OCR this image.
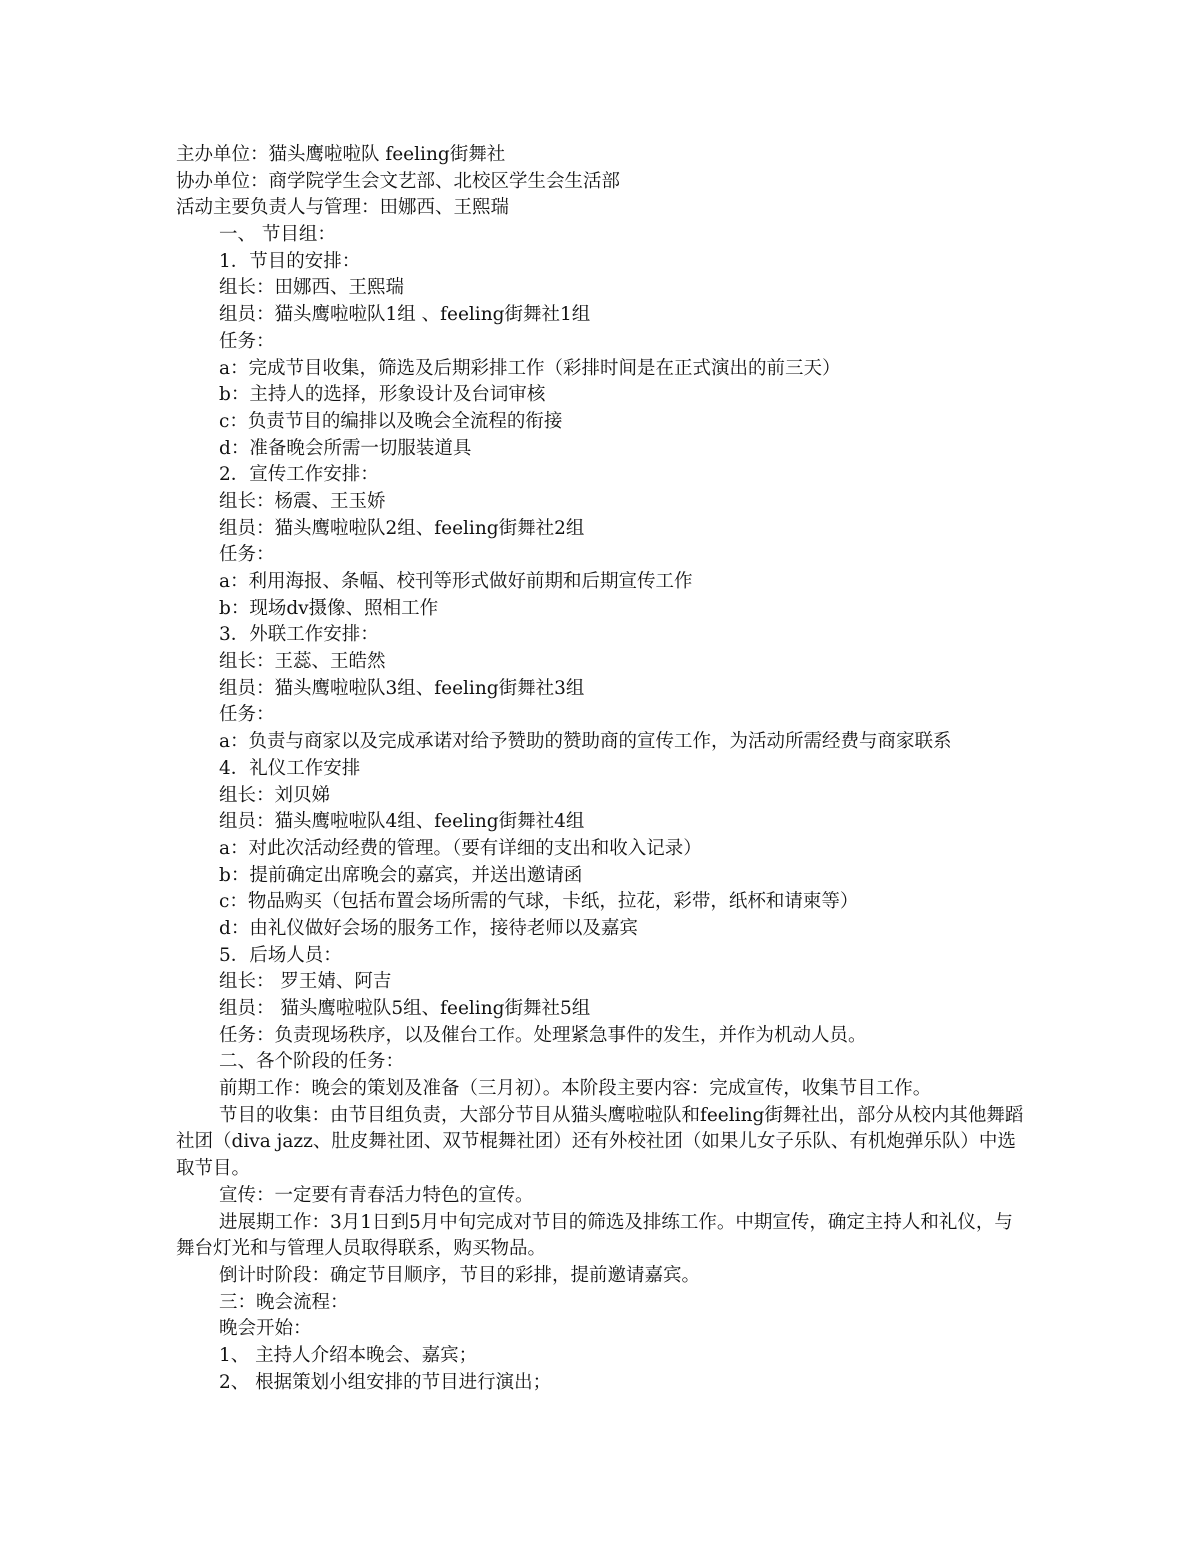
主办单位：猫头鹰啦啦队 feeling街舞社

协办单位：商学院学生会文艺部、北校区学生会生活部

活动主要负责人与管理：田娜西、王熙瑞

一、 节目组：

1．节目的安排：

组长：田娜西、王熙瑞

组员：猫头鹰啦啦队1组 、feeling街舞社1组

任务：

a：完成节目收集，筛选及后期彩排工作（彩排时间是在正式演出的前三天）

b：主持人的选择，形象设计及台词审核

c：负责节目的编排以及晚会全流程的衔接

d：准备晚会所需一切服装道具

2．宣传工作安排：

组长：杨震、王玉娇

组员：猫头鹰啦啦队2组、feeling街舞社2组

任务：

a：利用海报、条幅、校刊等形式做好前期和后期宣传工作

b：现场dv摄像、照相工作

3．外联工作安排：

组长：王蕊、王皓然

组员：猫头鹰啦啦队3组、feeling街舞社3组

任务：

a：负责与商家以及完成承诺对给予赞助的赞助商的宣传工作，为活动所需经费与商家联系

4．礼仪工作安排

组长：刘贝娣

组员：猫头鹰啦啦队4组、feeling街舞社4组

a：对此次活动经费的管理。（要有详细的支出和收入记录）

b：提前确定出席晚会的嘉宾，并送出邀请函

c：物品购买（包括布置会场所需的气球，卡纸，拉花，彩带，纸杯和请柬等）

d：由礼仪做好会场的服务工作，接待老师以及嘉宾

5．后场人员：

组长： 罗王婧、阿吉

组员： 猫头鹰啦啦队5组、feeling街舞社5组

任务：负责现场秩序，以及催台工作。处理紧急事件的发生，并作为机动人员。

二、各个阶段的任务：

前期工作：晚会的策划及准备（三月初）。本阶段主要内容：完成宣传，收集节目工作。

节目的收集：由节目组负责，大部分节目从猫头鹰啦啦队和feeling街舞社出，部分从校内其他舞蹈社团（diva jazz、肚皮舞社团、双节棍舞社团）还有外校社团（如果儿女子乐队、有机炮弹乐队）中选取节目。

宣传：一定要有青春活力特色的宣传。

进展期工作：3月1日到5月中旬完成对节目的筛选及排练工作。中期宣传，确定主持人和礼仪，与舞台灯光和与管理人员取得联系，购买物品。

倒计时阶段：确定节目顺序，节目的彩排，提前邀请嘉宾。

三：晚会流程：

晚会开始：

1、 主持人介绍本晚会、嘉宾；

2、 根据策划小组安排的节目进行演出；
